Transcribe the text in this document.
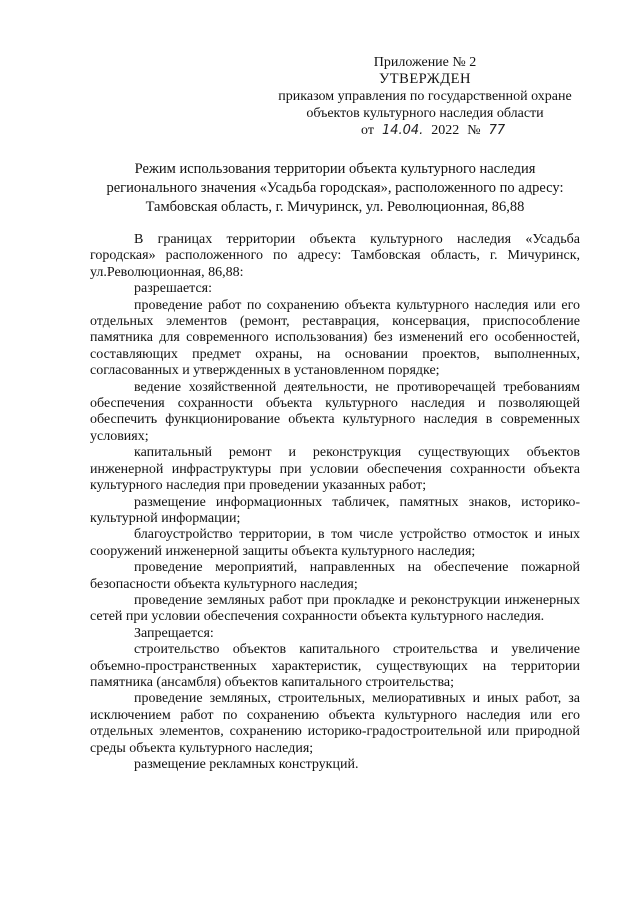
Приложение № 2
УТВЕРЖДЕН
приказом управления по государственной охране
объектов культурного наследия области
от 14.04. 2022 № 77
Режим использования территории объекта культурного наследия
регионального значения «Усадьба городская», расположенного по адресу:
Тамбовская область, г. Мичуринск, ул. Революционная, 86,88

В границах территории объекта культурного наследия «Усадьба городская» расположенного по адресу: Тамбовская область, г. Мичуринск, ул.Революционная, 86,88:

разрешается:

проведение работ по сохранению объекта культурного наследия или его отдельных элементов (ремонт, реставрация, консервация, приспособление памятника для современного использования) без изменений его особенностей, составляющих предмет охраны, на основании проектов, выполненных, согласованных и утвержденных в установленном порядке;

ведение хозяйственной деятельности, не противоречащей требованиям обеспечения сохранности объекта культурного наследия и позволяющей обеспечить функционирование объекта культурного наследия в современных условиях;

капитальный ремонт и реконструкция существующих объектов инженерной инфраструктуры при условии обеспечения сохранности объекта культурного наследия при проведении указанных работ;

размещение информационных табличек, памятных знаков, историко-культурной информации;

благоустройство территории, в том числе устройство отмосток и иных сооружений инженерной защиты объекта культурного наследия;

проведение мероприятий, направленных на обеспечение пожарной безопасности объекта культурного наследия;

проведение земляных работ при прокладке и реконструкции инженерных сетей при условии обеспечения сохранности объекта культурного наследия.

Запрещается:

строительство объектов капитального строительства и увеличение объемно-пространственных характеристик, существующих на территории памятника (ансамбля) объектов капитального строительства;

проведение земляных, строительных, мелиоративных и иных работ, за исключением работ по сохранению объекта культурного наследия или его отдельных элементов, сохранению историко-градостроительной или природной среды объекта культурного наследия;

размещение рекламных конструкций.
